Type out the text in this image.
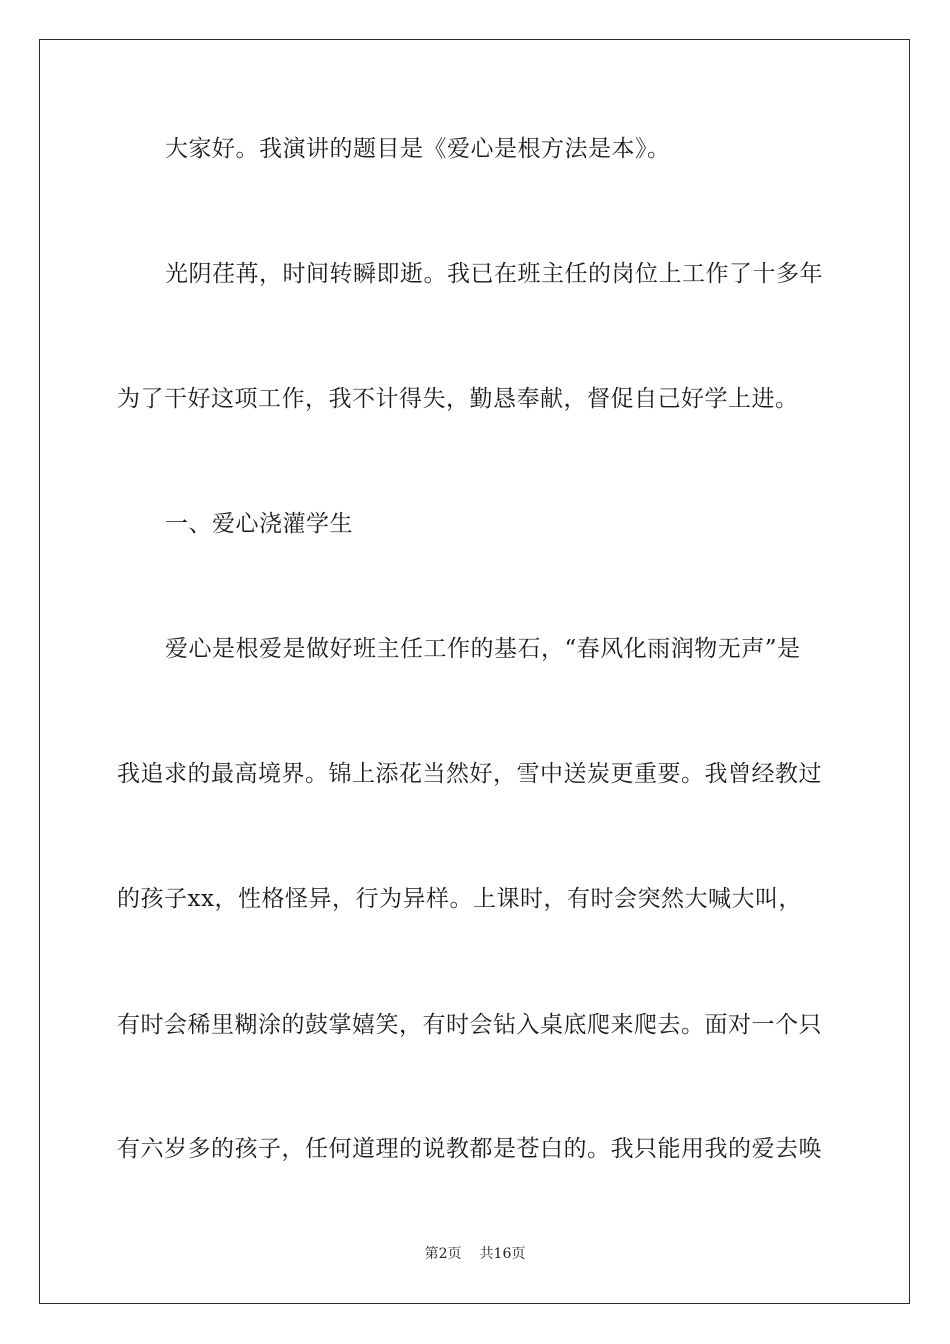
大家好。我演讲的题目是《爱心是根方法是本》。
光阴荏苒，时间转瞬即逝。我已在班主任的岗位上工作了十多年
为了干好这项工作，我不计得失，勤恳奉献，督促自己好学上进。
一、爱心浇灌学生
爱心是根爱是做好班主任工作的基石，“春风化雨润物无声”是
我追求的最高境界。锦上添花当然好，雪中送炭更重要。我曾经教过
的孩子xx，性格怪异，行为异样。上课时，有时会突然大喊大叫，
有时会稀里糊涂的鼓掌嬉笑，有时会钻入桌底爬来爬去。面对一个只
有六岁多的孩子，任何道理的说教都是苍白的。我只能用我的爱去唤
第2页 共16页
